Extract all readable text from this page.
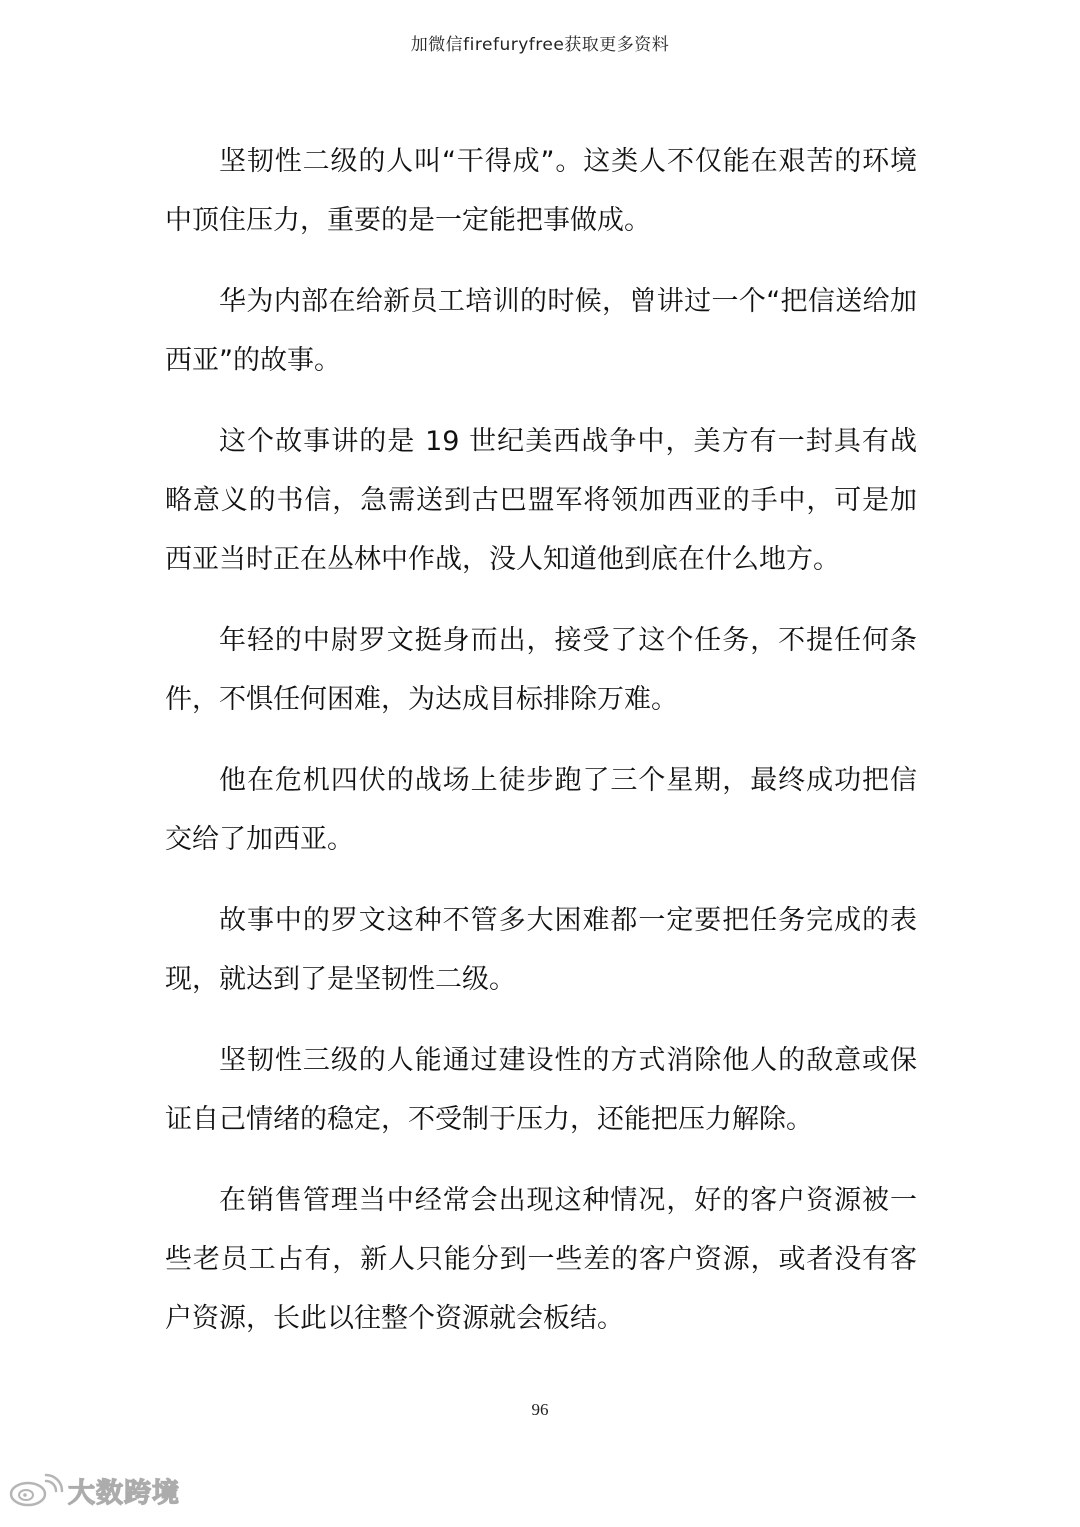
加微信firefuryfree获取更多资料

坚韧性二级的人叫“干得成”。这类人不仅能在艰苦的环境中顶住压力，重要的是一定能把事做成。

华为内部在给新员工培训的时候，曾讲过一个“把信送给加西亚”的故事。

这个故事讲的是 19 世纪美西战争中，美方有一封具有战略意义的书信，急需送到古巴盟军将领加西亚的手中，可是加西亚当时正在丛林中作战，没人知道他到底在什么地方。

年轻的中尉罗文挺身而出，接受了这个任务，不提任何条件，不惧任何困难，为达成目标排除万难。

他在危机四伏的战场上徒步跑了三个星期，最终成功把信交给了加西亚。

故事中的罗文这种不管多大困难都一定要把任务完成的表现，就达到了是坚韧性二级。

坚韧性三级的人能通过建设性的方式消除他人的敌意或保证自己情绪的稳定，不受制于压力，还能把压力解除。

在销售管理当中经常会出现这种情况，好的客户资源被一些老员工占有，新人只能分到一些差的客户资源，或者没有客户资源，长此以往整个资源就会板结。

96
大数跨境
